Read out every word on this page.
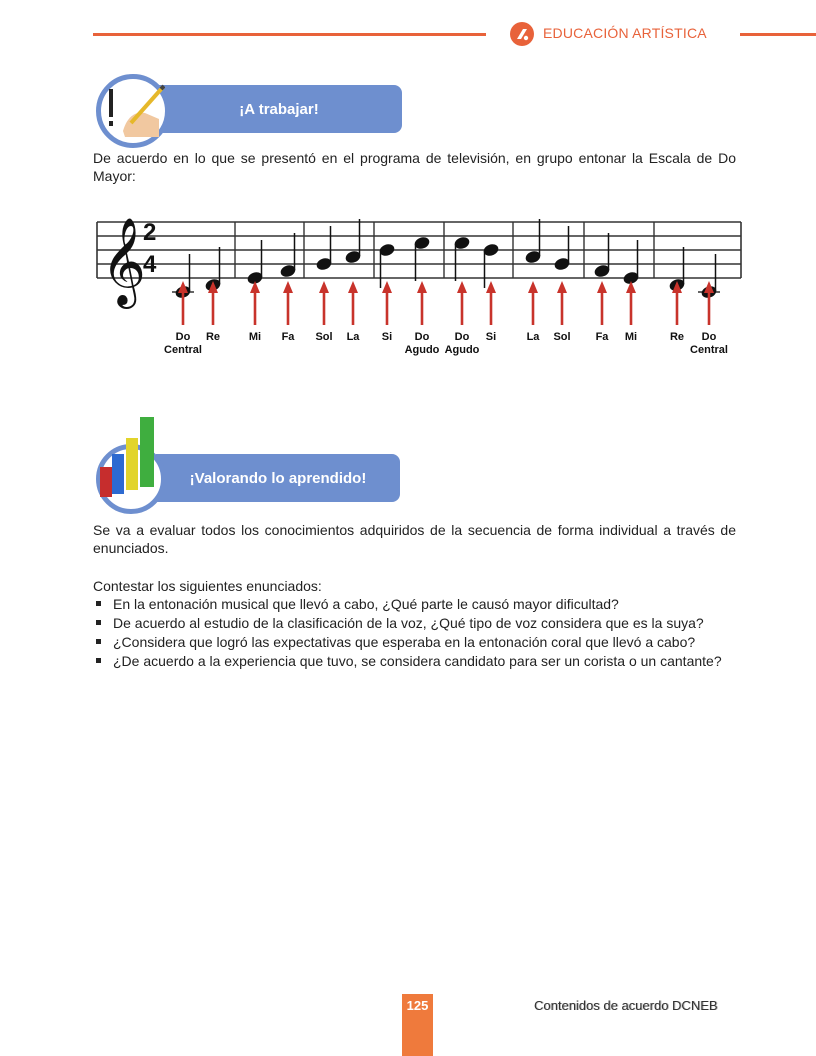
EDUCACIÓN ARTÍSTICA
¡A trabajar!

De acuerdo en lo que se presentó en el programa de televisión, en grupo entonar la Escala de Do Mayor:

𝄞
2
4
Do
Central
Re	Mi Fa Sol La Si Do
Agudo
Do
Agudo
Si	La Sol Fa Mi	Re Do
Central
¡Valorando lo aprendido!

Se va a evaluar todos los conocimientos adquiridos de la secuencia de forma individual a través de enunciados.

Contestar los siguientes enunciados:

En la entonación musical que llevó a cabo, ¿Qué parte le causó mayor dificultad?
De acuerdo al estudio de la clasificación de la voz, ¿Qué tipo de voz considera que es la suya?
¿Considera que logró las expectativas que esperaba en la entonación coral que llevó a cabo?
¿De acuerdo a la experiencia que tuvo, se considera candidato para ser un corista o un cantante?
125	Contenidos de acuerdo DCNEB
